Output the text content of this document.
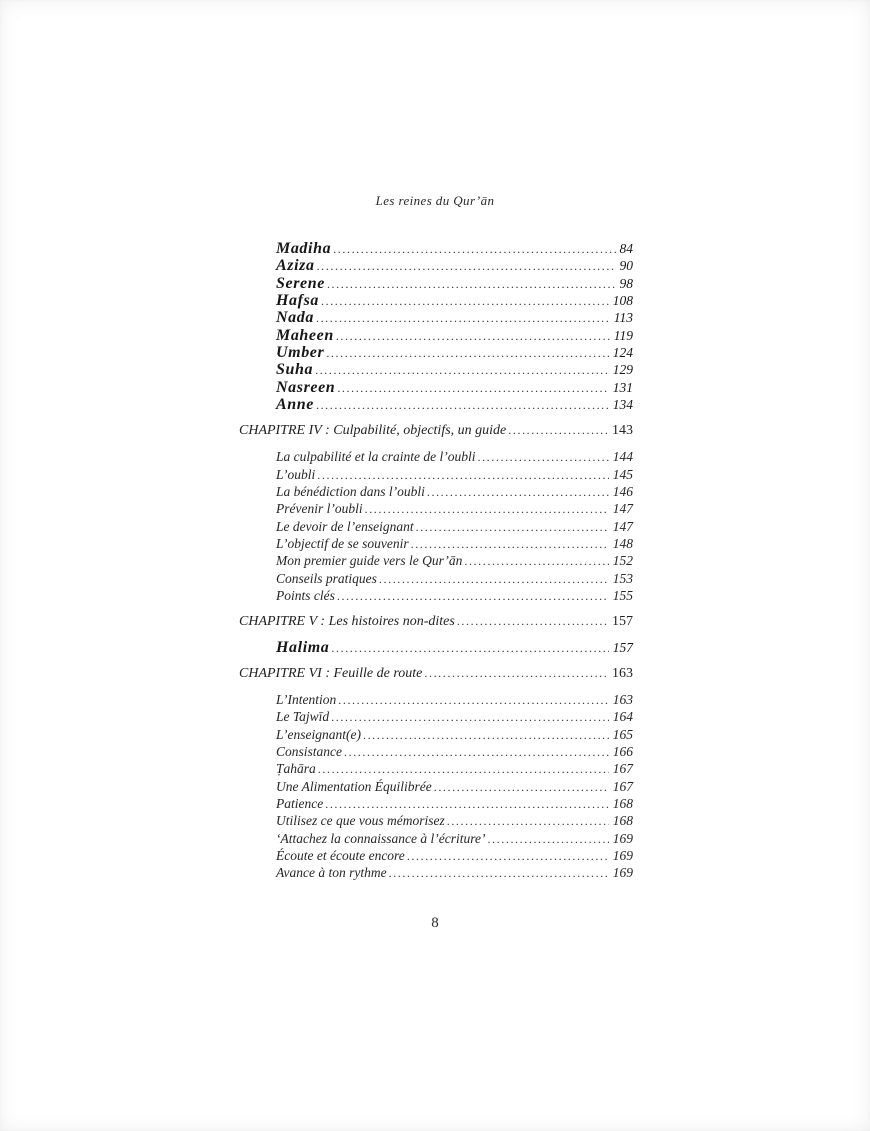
Les reines du Qur’ān
Madiha .....	84
Aziza .....	90
Serene .....	98
Hafsa .....	108
Nada .....	113
Maheen .....	119
Umber .....	124
Suha .....	129
Nasreen .....	131
Anne .....	134
CHAPITRE IV : Culpabilité, objectifs, un guide .....	143
La culpabilité et la crainte de l’oubli .....	144
L’oubli .....	145
La bénédiction dans l’oubli .....	146
Prévenir l’oubli .....	147
Le devoir de l’enseignant .....	147
L’objectif de se souvenir .....	148
Mon premier guide vers le Qur’ān .....	152
Conseils pratiques .....	153
Points clés .....	155
CHAPITRE V : Les histoires non-dites .....	157
Halima .....	157
CHAPITRE VI : Feuille de route .....	163
L’Intention .....	163
Le Tajwīd .....	164
L’enseignant(e) .....	165
Consistance .....	166
Ṭahāra .....	167
Une Alimentation Équilibrée .....	167
Patience .....	168
Utilisez ce que vous mémorisez .....	168
‘Attachez la connaissance à l’écriture’ .....	169
Écoute et écoute encore .....	169
Avance à ton rythme .....	169
8
